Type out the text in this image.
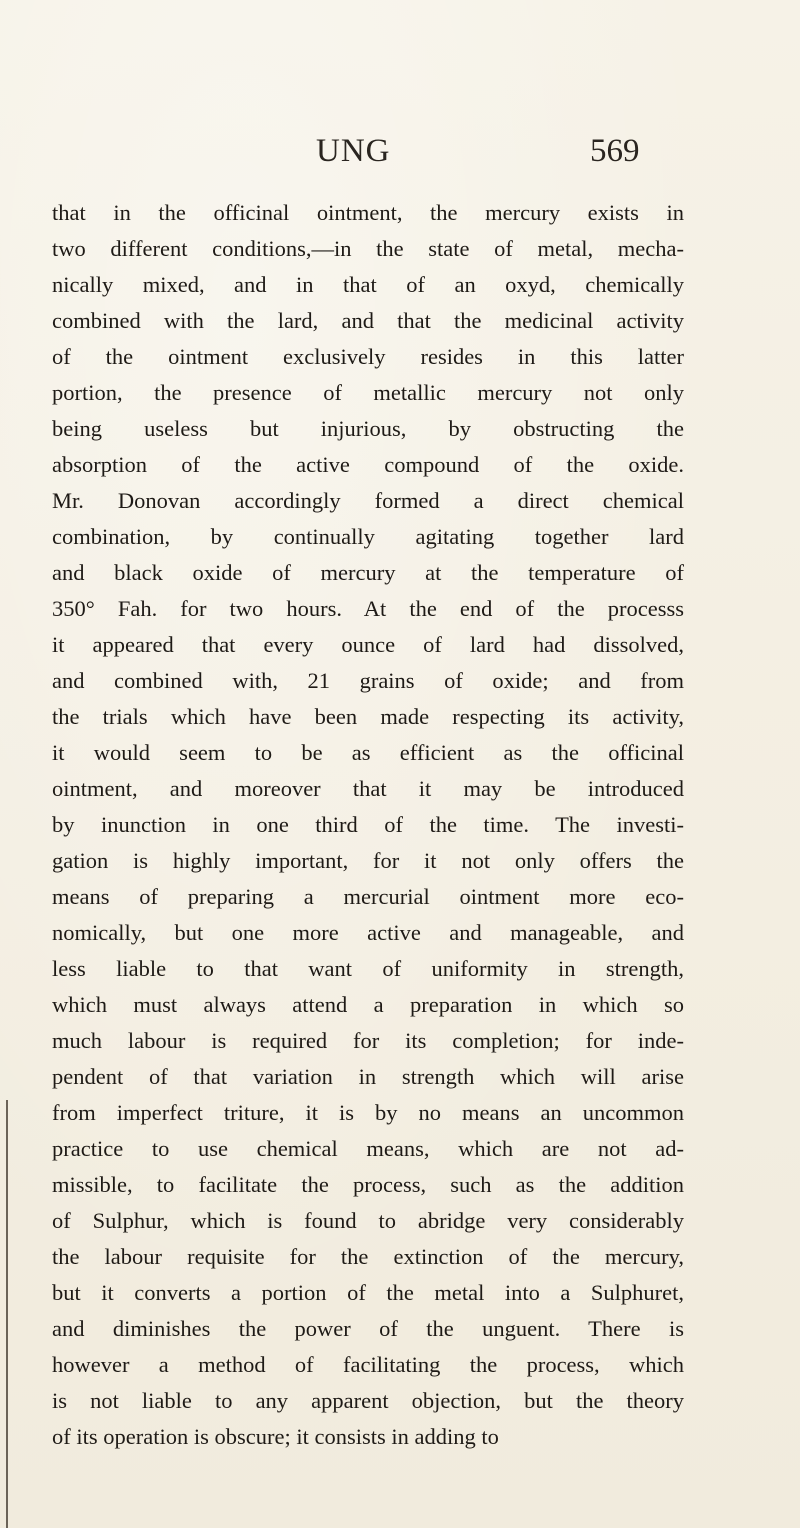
UNG	569
that in the officinal ointment, the mercury exists in
two different conditions,—in the state of metal, mecha-
nically mixed, and in that of an oxyd, chemically
combined with the lard, and that the medicinal activity
of the ointment exclusively resides in this latter
portion, the presence of metallic mercury not only
being useless but injurious, by obstructing the
absorption of the active compound of the oxide.
Mr. Donovan accordingly formed a direct chemical
combination, by continually agitating together lard
and black oxide of mercury at the temperature of
350° Fah. for two hours. At the end of the processs
it appeared that every ounce of lard had dissolved,
and combined with, 21 grains of oxide; and from
the trials which have been made respecting its activity,
it would seem to be as efficient as the officinal
ointment, and moreover that it may be introduced
by inunction in one third of the time. The investi-
gation is highly important, for it not only offers the
means of preparing a mercurial ointment more eco-
nomically, but one more active and manageable, and
less liable to that want of uniformity in strength,
which must always attend a preparation in which so
much labour is required for its completion; for inde-
pendent of that variation in strength which will arise
from imperfect triture, it is by no means an uncommon
practice to use chemical means, which are not ad-
missible, to facilitate the process, such as the addition
of Sulphur, which is found to abridge very considerably
the labour requisite for the extinction of the mercury,
but it converts a portion of the metal into a Sulphuret,
and diminishes the power of the unguent. There is
however a method of facilitating the process, which
is not liable to any apparent objection, but the theory
of its operation is obscure; it consists in adding to
